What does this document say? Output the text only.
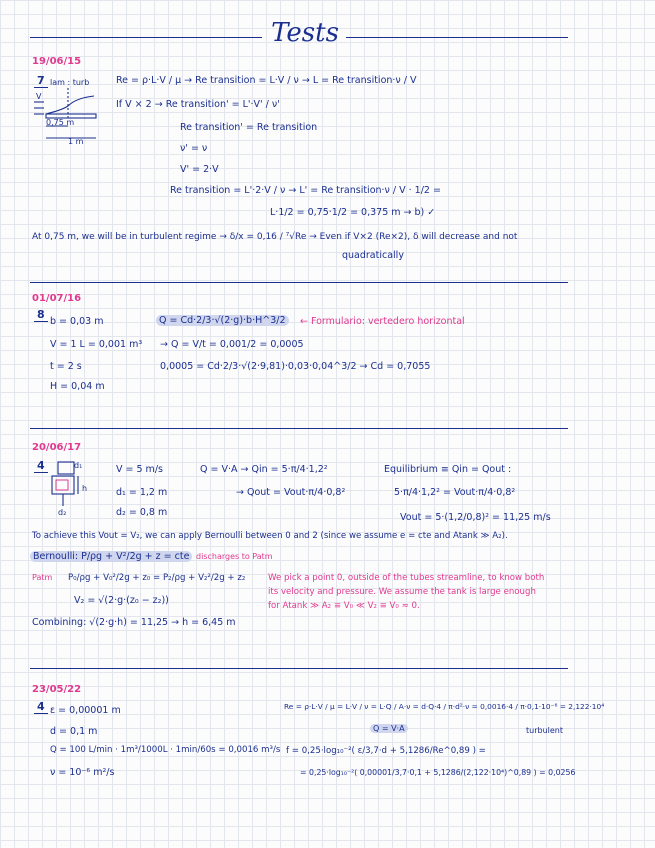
Tests
19/06/15
7 lam : turb
V
0,75 m
1 m
Re = ρ·L·V / μ → Re transition = L·V / ν → L = Re transition·ν / V
If V × 2 → Re transition' = L'·V' / ν'
Re transition' = Re transition
ν' = ν
V' = 2·V
Re transition = L'·2·V / ν → L' = Re transition·ν / V · 1/2 =
L·1/2 = 0,75·1/2 = 0,375 m → b) ✓
At 0,75 m, we will be in turbulent regime → δ/x = 0,16 / ⁷√Re → Even if V×2 (Re×2), δ will decrease and not
quadratically
01/07/16
8
b = 0,03 m
V = 1 L = 0,001 m³
t = 2 s
H = 0,04 m
Q = Cd·2/3·√(2·g)·b·H^3/2	← Formulario: vertedero horizontal
→ Q = V/t = 0,001/2 = 0,0005
0,0005 = Cd·2/3·√(2·9,81)·0,03·0,04^3/2 → Cd = 0,7055
20/06/17
4	d₁
h
d₂
V = 5 m/s
d₁ = 1,2 m
d₂ = 0,8 m
Q = V·A → Qin = 5·π/4·1,2²
→ Qout = Vout·π/4·0,8²
Equilibrium ≡ Qin = Qout :
5·π/4·1,2² = Vout·π/4·0,8²
Vout = 5·(1,2/0,8)² = 11,25 m/s
To achieve this Vout = V₂, we can apply Bernoulli between 0 and 2 (since we assume e = cte and Atank ≫ A₂).
Bernoulli: P/ρg + V²/2g + z = cte discharges to Patm
Patm P₀/ρg + V₀²/2g + z₀ = P₂/ρg + V₂²/2g + z₂
V₂ = √(2·g·(z₀ − z₂))
We pick a point 0, outside of the tubes streamline, to know both
its velocity and pressure. We assume the tank is large enough
for Atank ≫ A₂ ≡ V₀ ≪ V₂ ≡ V₀ ≈ 0.
Combining: √(2·g·h) = 11,25 → h = 6,45 m
23/05/22
4 ε = 0,00001 m
d = 0,1 m
Q = 100 L/min · 1m³/1000L · 1min/60s = 0,0016 m³/s
ν = 10⁻⁶ m²/s
Re = ρ·L·V / μ = L·V / ν = L·Q / A·ν = d·Q·4 / π·d²·ν = 0,0016·4 / π·0,1·10⁻⁶ = 2,122·10⁴
Q = V·A	turbulent
f = 0,25·log₁₀⁻²( ε/3,7·d + 5,1286/Re^0,89 ) =
= 0,25·log₁₀⁻²( 0,00001/3,7·0,1 + 5,1286/(2,122·10⁴)^0,89 ) = 0,0256
